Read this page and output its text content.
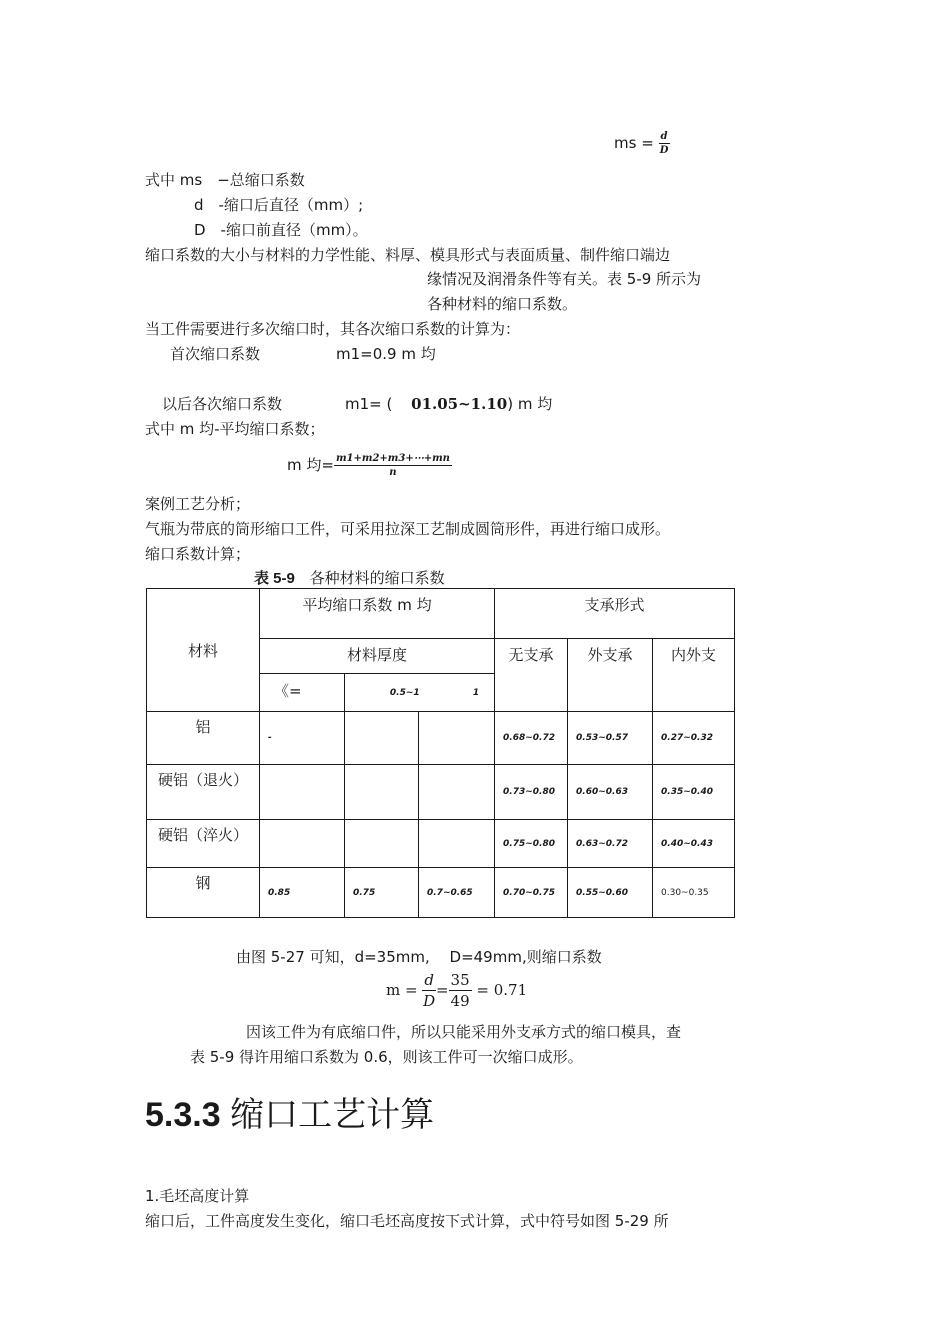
ms = $\frac{d}{D}$
式中 ms　−总缩口系数
d　-缩口后直径（mm）;
D　-缩口前直径（mm）。
缩口系数的大小与材料的力学性能、料厚、模具形式与表面质量、制件缩口端边
缘情况及润滑条件等有关。表 5-9 所示为
各种材料的缩口系数。
当工件需要进行多次缩口时，其各次缩口系数的计算为：
首次缩口系数	m1=0.9 m 均
以后各次缩口系数	m1= ( 01.05~1.10) m 均
式中 m 均-平均缩口系数；
m 均= $\frac{m1+m2+m3+\cdots+mn}{n}$
案例工艺分析；
气瓶为带底的筒形缩口工件，可采用拉深工艺制成圆筒形件，再进行缩口成形。
缩口系数计算；
表 5-9 各种材料的缩口系数
材料	平均缩口系数 m 均			支承形式		
	材料厚度			无支承	外支承	内外支
	《=	0.5~1 1				
铝	-			0.68~0.72	0.53~0.57	0.27~0.32
硬铝（退火）				0.73~0.80	0.60~0.63	0.35~0.40
硬铝（淬火）				0.75~0.80	0.63~0.72	0.40~0.43
钢	0.85	0.75	0.7~0.65	0.70~0.75	0.55~0.60	0.30~0.35
由图 5-27 可知，d=35mm,　 D=49mm,则缩口系数
$m = \frac{d}{D} = \frac{35}{49} = 0.71$
因该工件为有底缩口件，所以只能采用外支承方式的缩口模具，查
表 5-9 得许用缩口系数为 0.6，则该工件可一次缩口成形。
5.3.3 缩口工艺计算
1.毛坯高度计算
缩口后，工件高度发生变化，缩口毛坯高度按下式计算，式中符号如图 5-29 所
